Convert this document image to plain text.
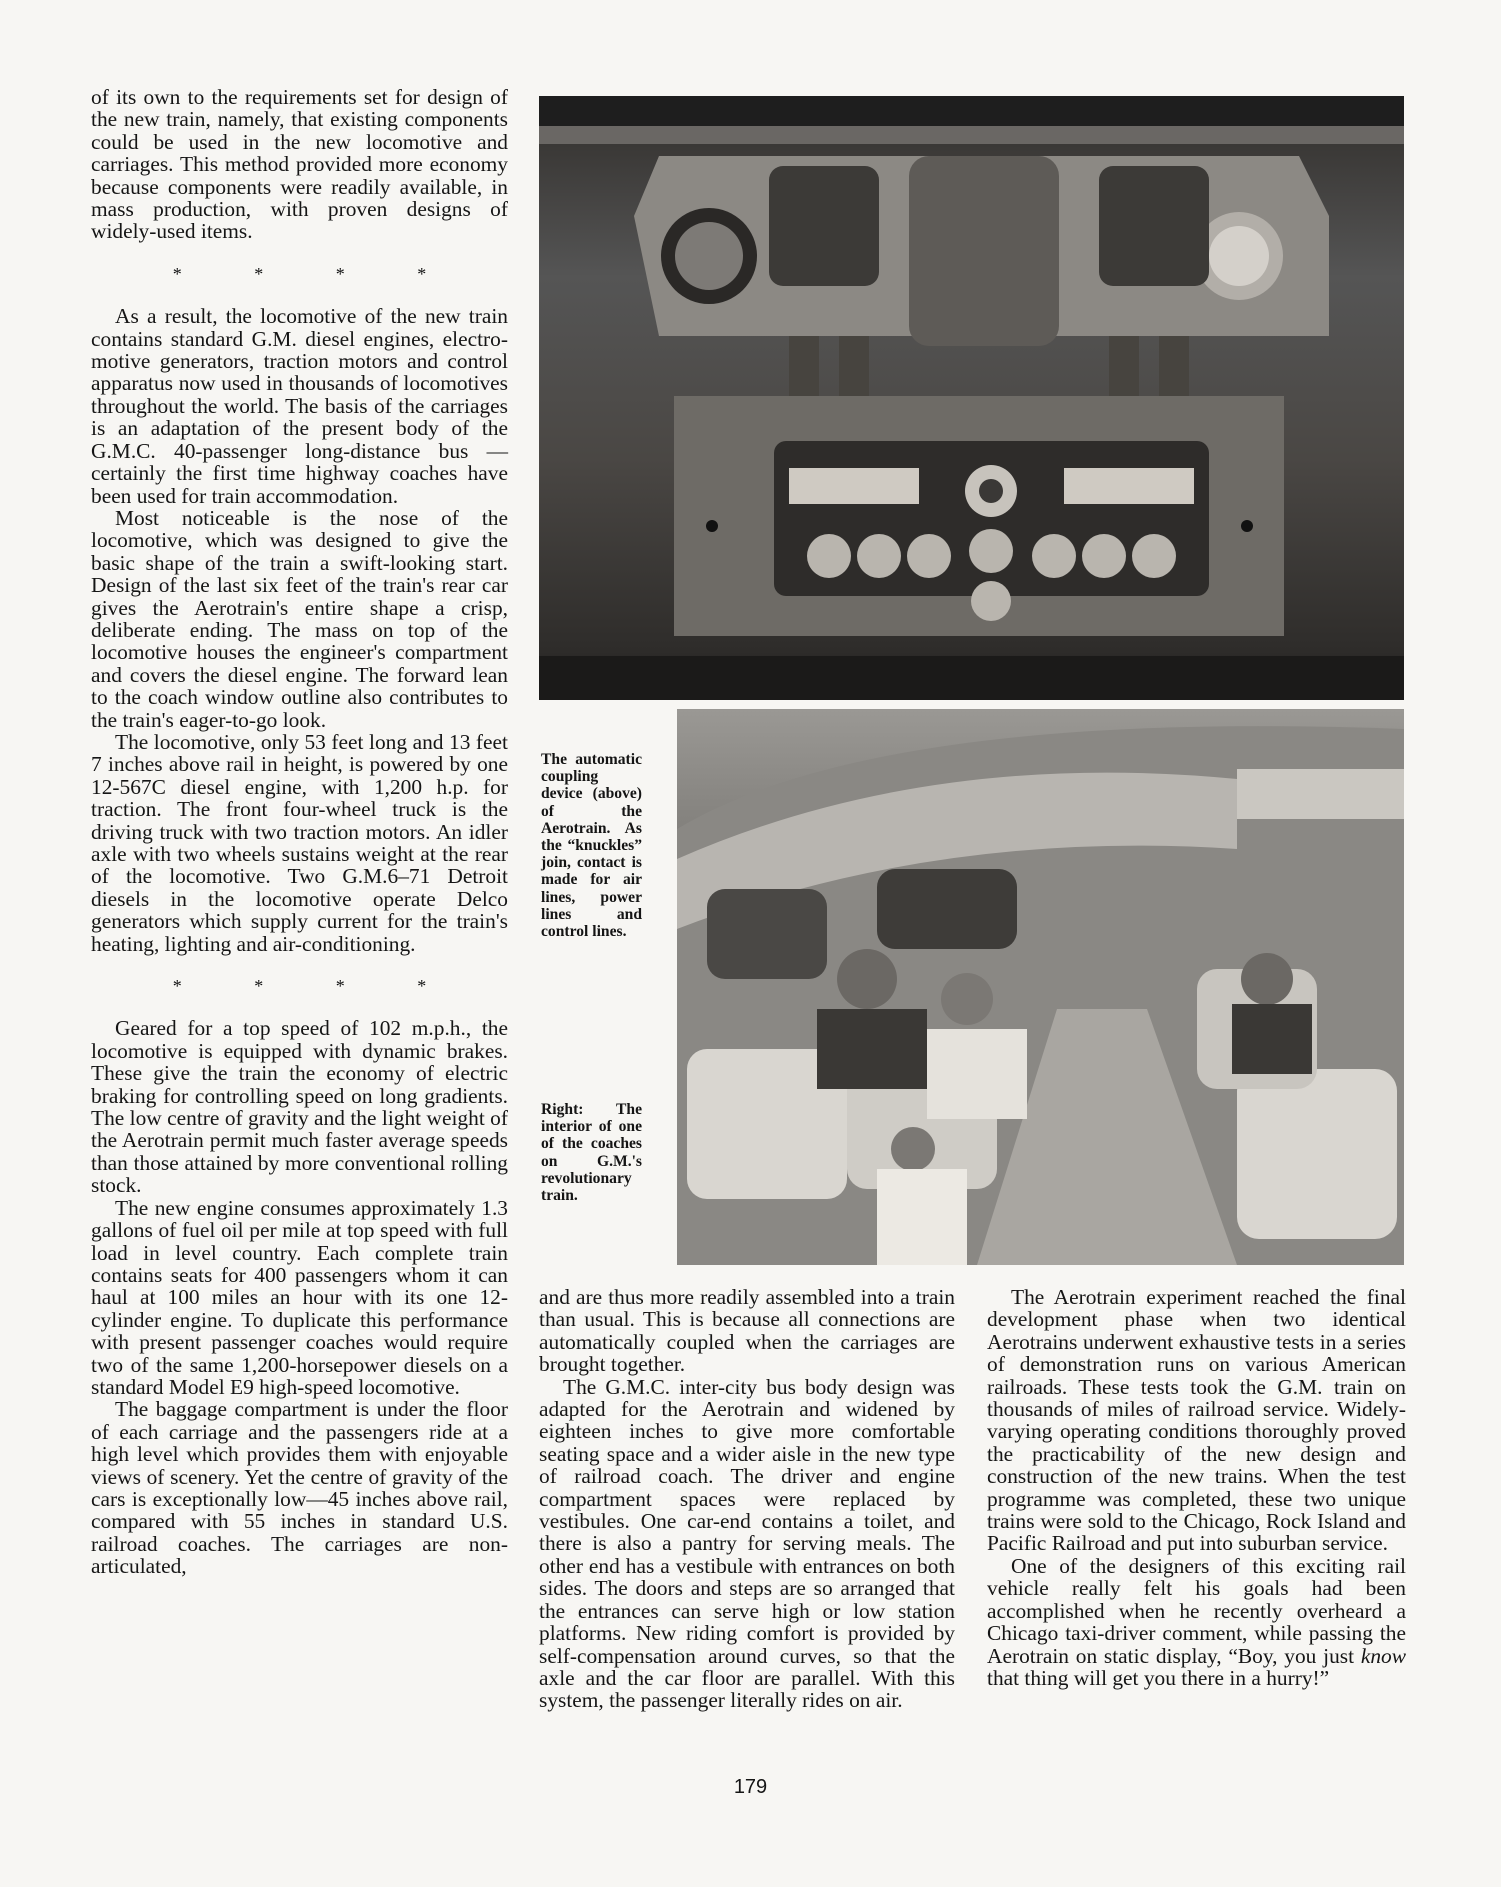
of its own to the requirements set for design of the new train, namely, that existing components could be used in the new locomotive and carriages. This method provided more economy because components were readily available, in mass production, with proven designs of widely-used items.

* * * *

As a result, the locomotive of the new train contains standard G.M. diesel engines, electro-motive generators, traction motors and control apparatus now used in thousands of locomotives throughout the world. The basis of the carriages is an adaptation of the present body of the G.M.C. 40-passenger long-distance bus —certainly the first time highway coaches have been used for train accommodation.

Most noticeable is the nose of the locomotive, which was designed to give the basic shape of the train a swift-looking start. Design of the last six feet of the train's rear car gives the Aerotrain's entire shape a crisp, deliberate ending. The mass on top of the locomotive houses the engineer's compartment and covers the diesel engine. The forward lean to the coach window outline also contributes to the train's eager-to-go look.

The locomotive, only 53 feet long and 13 feet 7 inches above rail in height, is powered by one 12-567C diesel engine, with 1,200 h.p. for traction. The front four-wheel truck is the driving truck with two traction motors. An idler axle with two wheels sustains weight at the rear of the locomotive. Two G.M.6–71 Detroit diesels in the locomotive operate Delco generators which supply current for the train's heating, lighting and air-conditioning.

* * * *

Geared for a top speed of 102 m.p.h., the locomotive is equipped with dynamic brakes. These give the train the economy of electric braking for controlling speed on long gradients. The low centre of gravity and the light weight of the Aerotrain permit much faster average speeds than those attained by more conventional rolling stock.

The new engine consumes approximately 1.3 gallons of fuel oil per mile at top speed with full load in level country. Each complete train contains seats for 400 passengers whom it can haul at 100 miles an hour with its one 12-cylinder engine. To duplicate this performance with present passenger coaches would require two of the same 1,200-horsepower diesels on a standard Model E9 high-speed locomotive.

The baggage compartment is under the floor of each carriage and the passengers ride at a high level which provides them with enjoyable views of scenery. Yet the centre of gravity of the cars is exceptionally low—45 inches above rail, compared with 55 inches in standard U.S. railroad coaches. The carriages are non-articulated,

The automatic coupling device (above) of the Aerotrain. As the “knuckles” join, contact is made for air lines, power lines and control lines.
Right: The interior of one of the coaches on G.M.'s revolutionary train.

and are thus more readily assembled into a train than usual. This is because all connections are automatically coupled when the carriages are brought together.

The G.M.C. inter-city bus body design was adapted for the Aerotrain and widened by eighteen inches to give more comfortable seating space and a wider aisle in the new type of railroad coach. The driver and engine compartment spaces were replaced by vestibules. One car-end contains a toilet, and there is also a pantry for serving meals. The other end has a vestibule with entrances on both sides. The doors and steps are so arranged that the entrances can serve high or low station platforms. New riding comfort is provided by self-compensation around curves, so that the axle and the car floor are parallel. With this system, the passenger literally rides on air.

The Aerotrain experiment reached the final development phase when two identical Aerotrains underwent exhaustive tests in a series of demonstration runs on various American railroads. These tests took the G.M. train on thousands of miles of railroad service. Widely-varying operating conditions thoroughly proved the practicability of the new design and construction of the new trains. When the test programme was completed, these two unique trains were sold to the Chicago, Rock Island and Pacific Railroad and put into suburban service.

One of the designers of this exciting rail vehicle really felt his goals had been accomplished when he recently overheard a Chicago taxi-driver comment, while passing the Aerotrain on static display, “Boy, you just know that thing will get you there in a hurry!”

179
